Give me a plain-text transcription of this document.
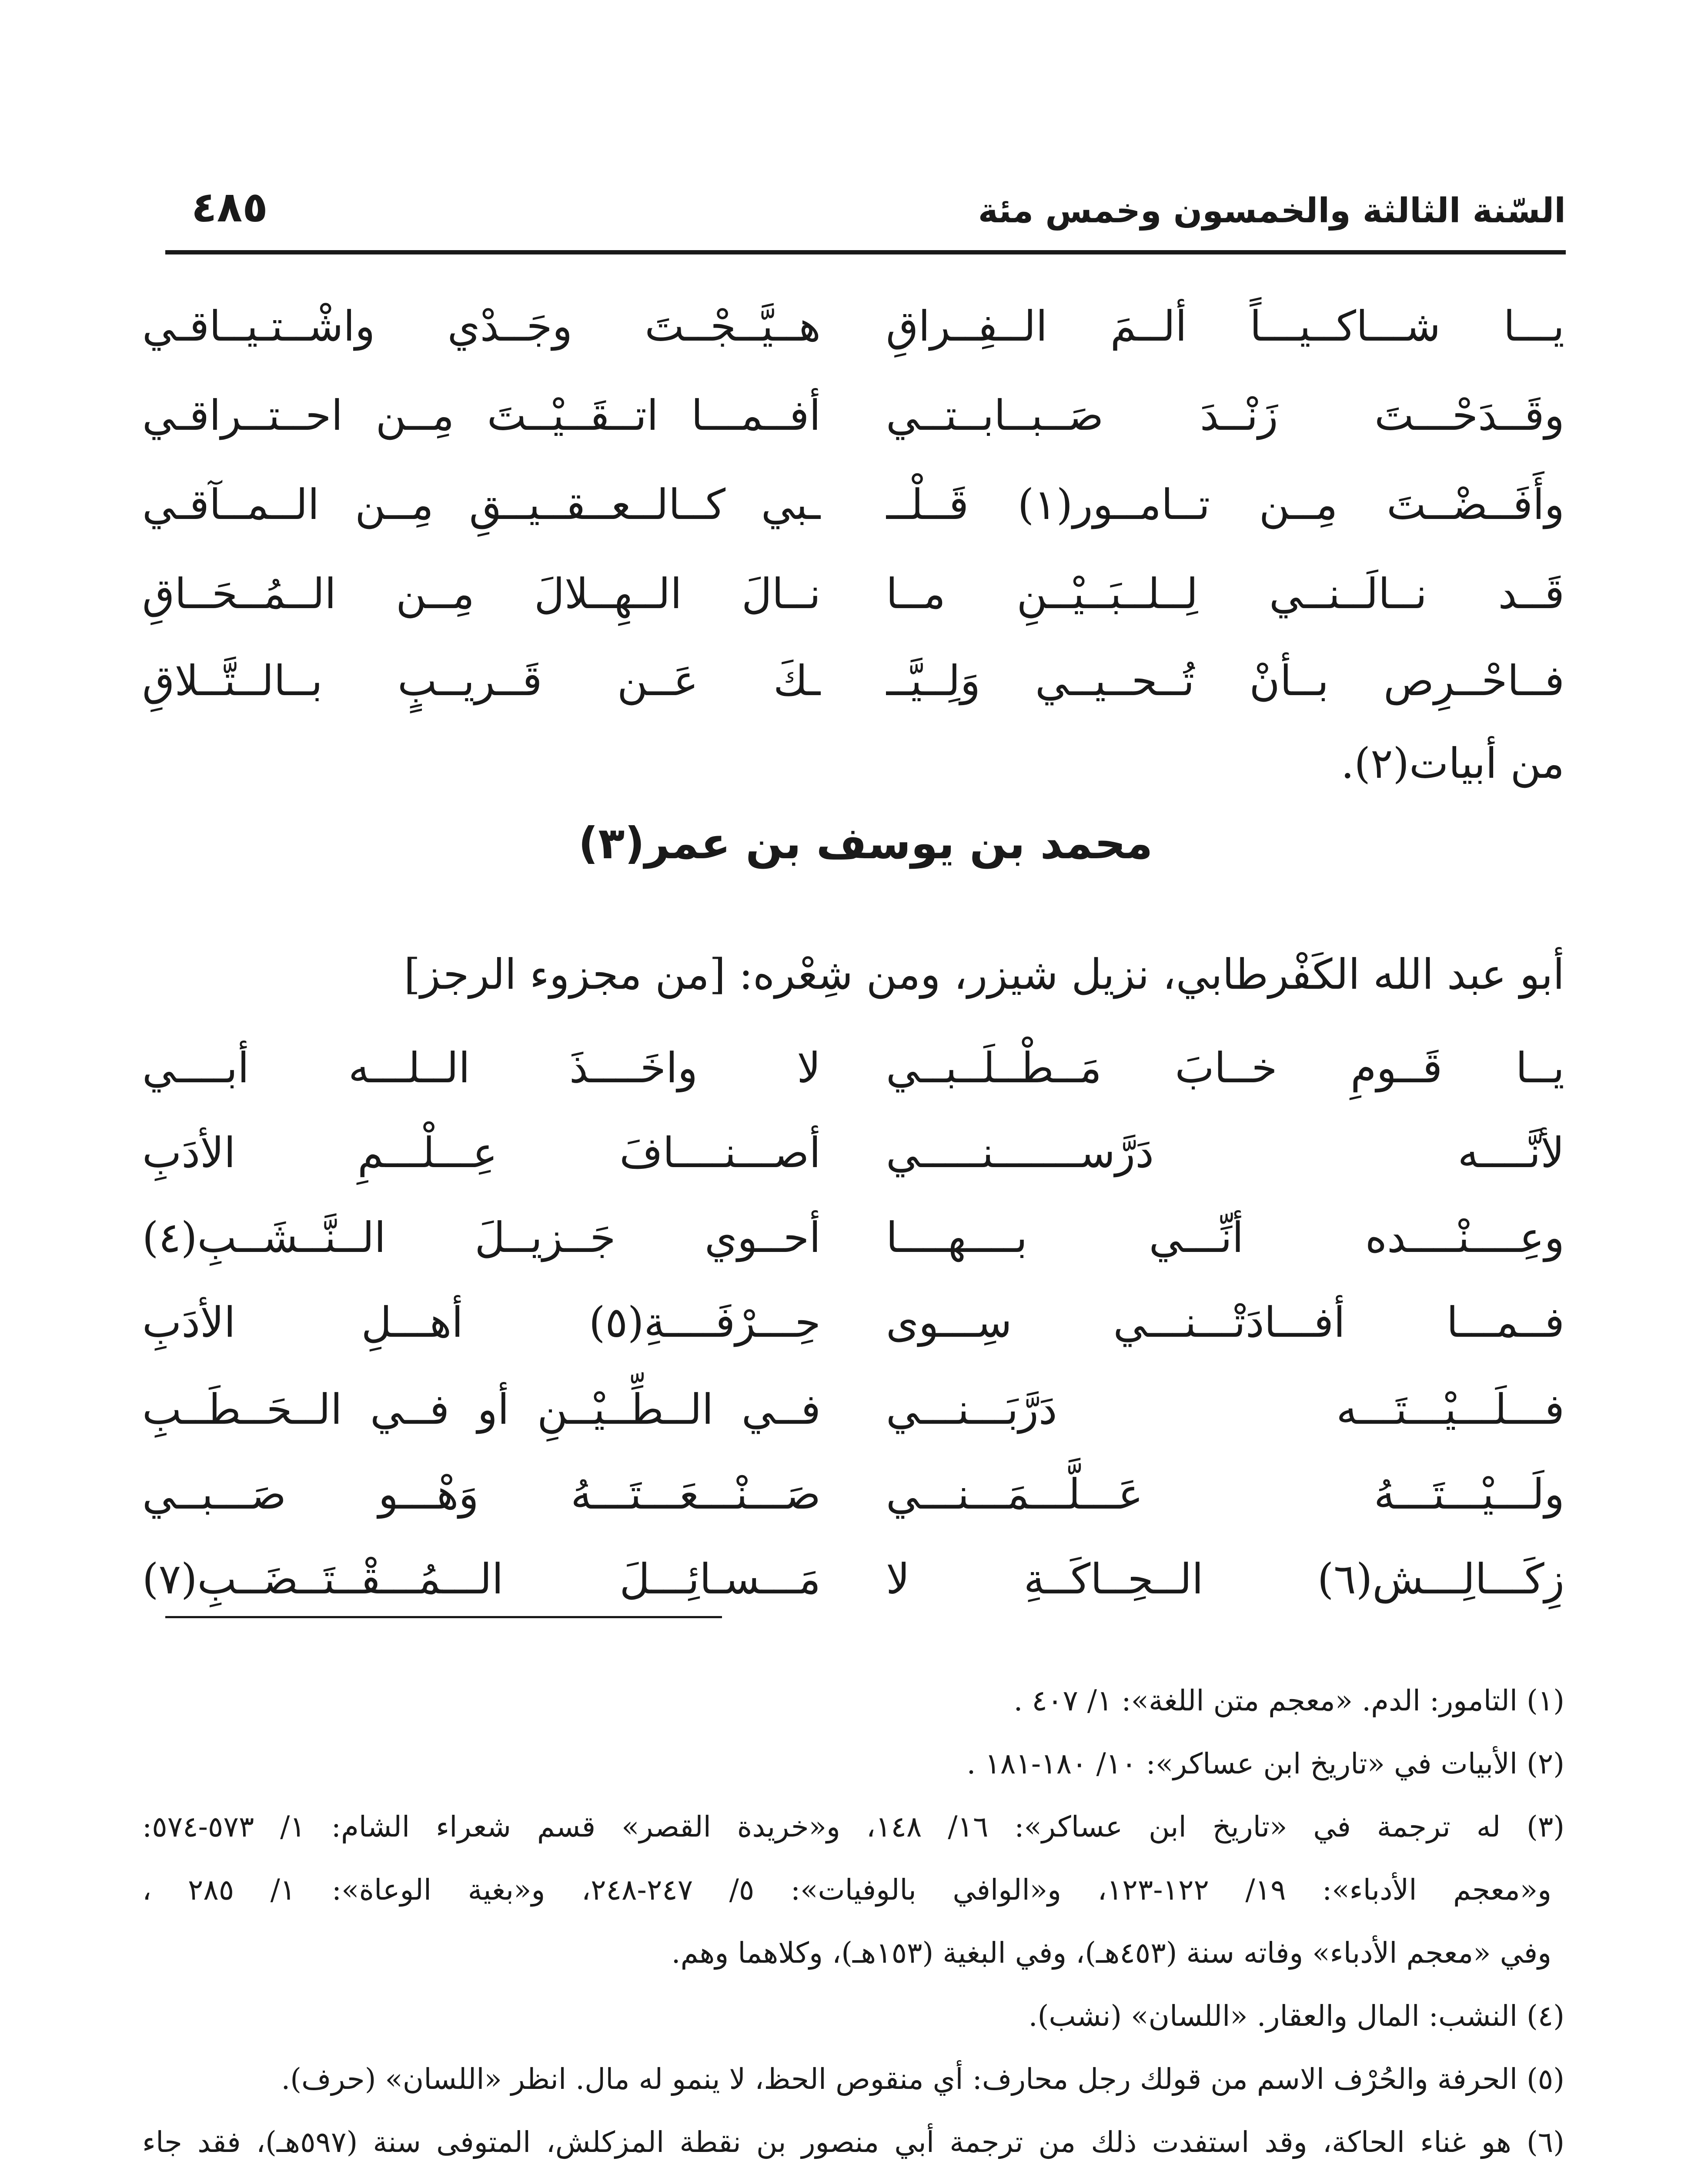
السّنة الثالثة والخمسون وخمس مئة
٤٨٥
يـــا شـــاكــيـــاً ألــمَ الــفِــراقِ
هــيَّــجْــتَ وجَــدْي واشْــتـيــاقـي
وقَــدَحْـــتَ زَنْــدَ صَــبــابــتــي
أفــمـــا اتــقَــيْــتَ مِــن احــتــراقـي
وأَفَــضْــتَ مِــن تــامــور(١) قَــلْــ
ـبي كــالــعــقــيــقِ مِــن الــمــآقـي
قَــد نــالَــنــي لِــلــبَــيْــنِ مــا
نــالَ الــهِــلالَ مِــن الــمُــحَــاقِ
فــاحْــرِص بــأنْ تُــحــيــي وَلِــيَّــ
ـكَ عَــن قَــريــبٍ بــالــتَّــلاقِ
من أبيات(٢).
محمد بن يوسف بن عمر(٣)
أبو عبد الله الكَفْرطابي، نزيل شيزر، ومن شِعْره: [من مجزوء الرجز]
يــا قَــومِ خــابَ مَــطْــلَــبــي
لا واخَــــذَ الــلـــه أبــــي
لأنَّــــه دَرَّســـــــنـــــي
أصـــنــــافَ عِـــلْـــمِ الأدَبِ
وعِــــنْــــده أنِّـــي بــــهــــا
أحــوي جَــزيــلَ الــنَّــشَــبِ(٤)
فــمـــا أفـــادَتْـــنـــي سِـــوى
حِـــرْفَــــةِ(٥) أهـــلِ الأدَبِ
فـــلَـــيْـــتَـــه دَرَّبَـــنـــي
فــي الــطِّــيْــنِ أو فــي الــحَــطَــبِ
ولَـــيْـــتَـــهُ عَـــلَّـــمَـــنـــي
صَـــنْـــعَـــتَـــهُ وَهْـــو صَـــبــي
زِكَـــالِـــش(٦) الــحِــاكَــةِ لا
مَـــسـائِـــلَ الـــمُـــقْــتَــضَــبِ(٧)
(١) التامور: الدم. «معجم متن اللغة»: ١/ ٤٠٧ .
(٢) الأبيات في «تاريخ ابن عساكر»: ١٠/ ١٨٠-١٨١ .
(٣) له ترجمة في «تاريخ ابن عساكر»: ١٦/ ١٤٨، و«خريدة القصر» قسم شعراء الشام: ١/ ٥٧٣-٥٧٤:
و«معجم الأدباء»: ١٩/ ١٢٢-١٢٣، و«الوافي بالوفيات»: ٥/ ٢٤٧-٢٤٨، و«بغية الوعاة»: ١/ ٢٨٥ ،
وفي «معجم الأدباء» وفاته سنة (٤٥٣هـ)، وفي البغية (١٥٣هـ)، وكلاهما وهم.
(٤) النشب: المال والعقار. «اللسان» (نشب).
(٥) الحرفة والحُرْف الاسم من قولك رجل محارف: أي منقوص الحظ، لا ينمو له مال. انظر «اللسان» (حرف).
(٦) هو غناء الحاكة، وقد استفدت ذلك من ترجمة أبي منصور بن نقطة المزكلش، المتوفى سنة (٥٩٧هـ)، فقد جاء
